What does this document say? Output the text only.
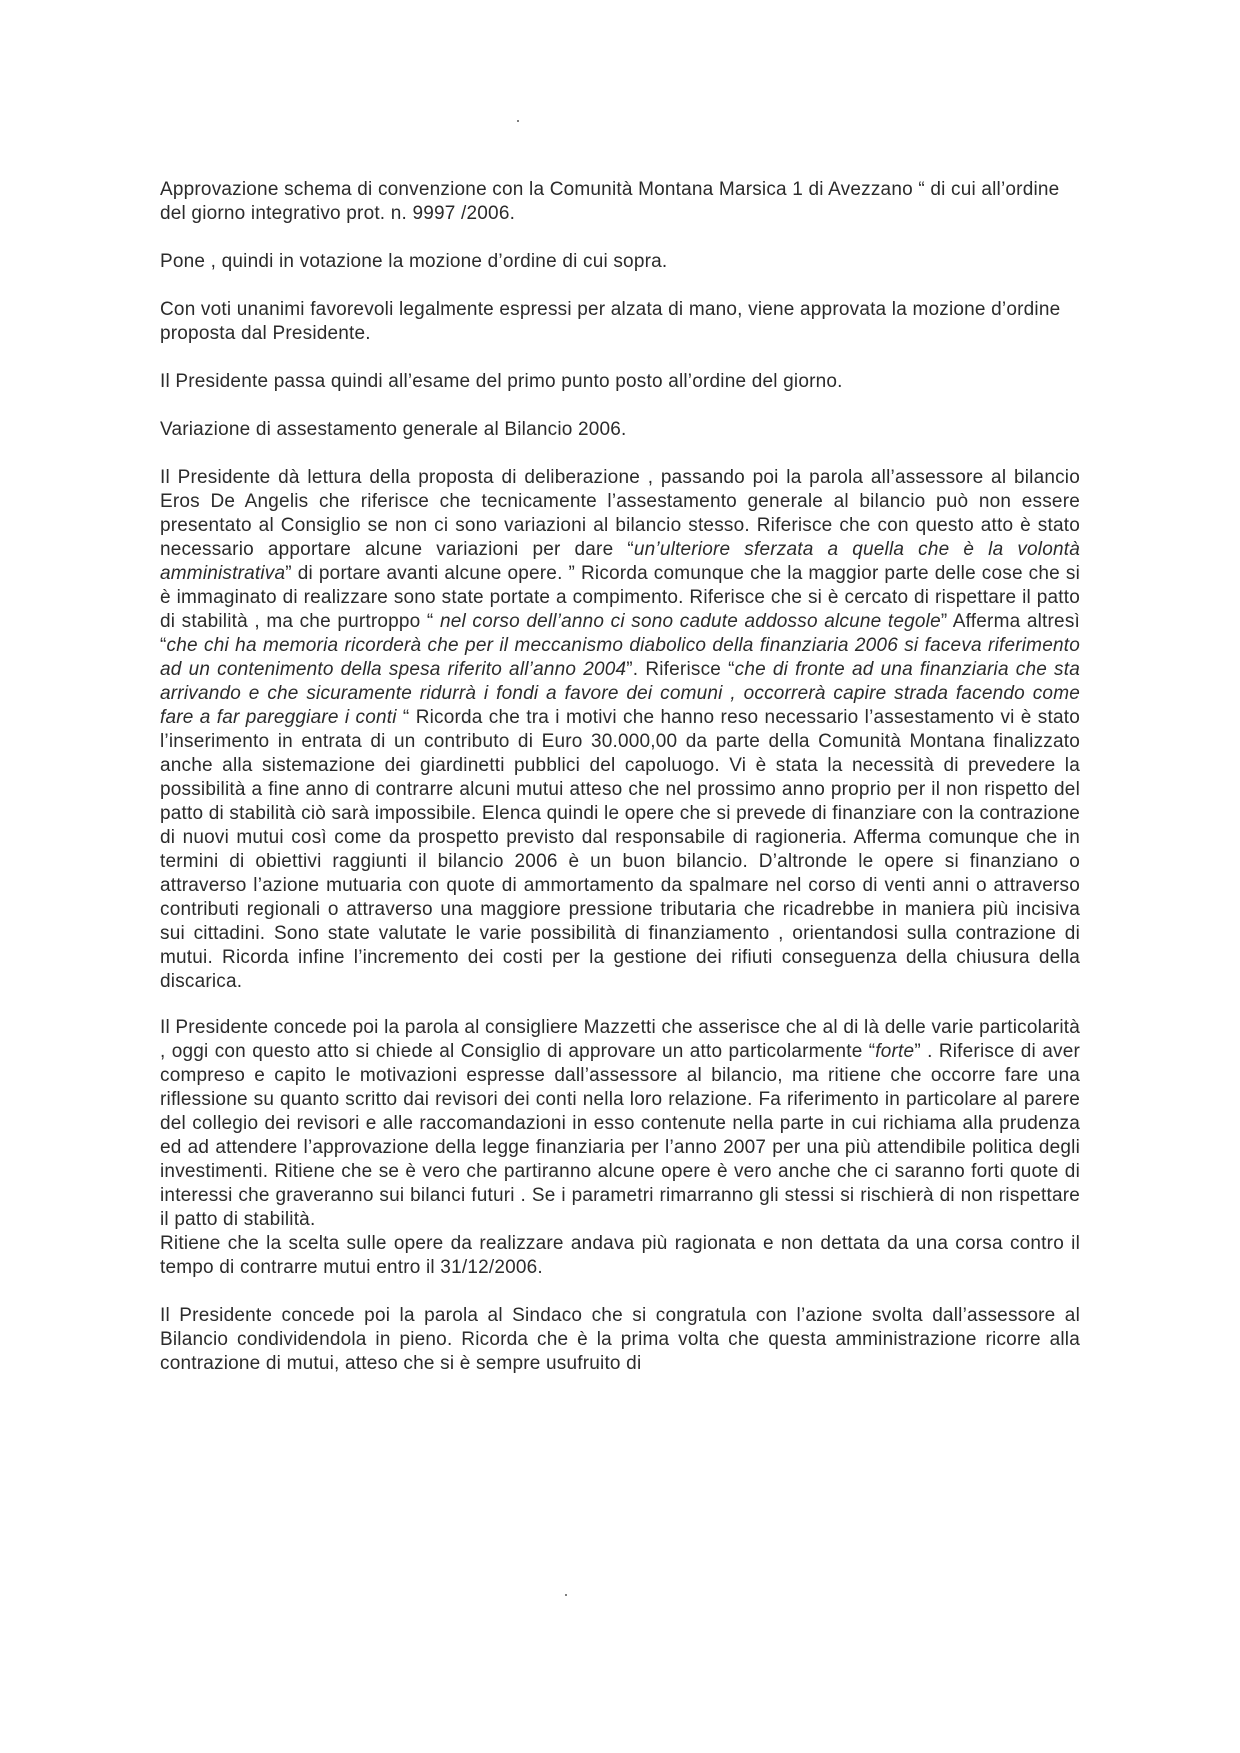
Approvazione schema di convenzione con la Comunità Montana Marsica 1 di Avezzano “ di cui all’ordine del giorno integrativo prot. n. 9997 /2006.

Pone , quindi in votazione la mozione d’ordine di cui sopra.

Con voti unanimi favorevoli legalmente espressi per alzata di mano, viene approvata la mozione d’ordine proposta dal Presidente.

Il Presidente passa quindi all’esame del primo punto posto all’ordine del giorno.

Variazione di assestamento generale al Bilancio 2006.

Il Presidente dà lettura della proposta di deliberazione , passando poi la parola all’assessore al bilancio Eros De Angelis che riferisce che tecnicamente l’assestamento generale al bilancio può non essere presentato al Consiglio se non ci sono variazioni al bilancio stesso. Riferisce che con questo atto è stato necessario apportare alcune variazioni per dare “un’ulteriore sferzata a quella che è la volontà amministrativa” di portare avanti alcune opere. ” Ricorda comunque che la maggior parte delle cose che si è immaginato di realizzare sono state portate a compimento. Riferisce che si è cercato di rispettare il patto di stabilità , ma che purtroppo “ nel corso dell’anno ci sono cadute addosso alcune tegole” Afferma altresì “che chi ha memoria ricorderà che per il meccanismo diabolico della finanziaria 2006 si faceva riferimento ad un contenimento della spesa riferito all’anno 2004”. Riferisce “che di fronte ad una finanziaria che sta arrivando e che sicuramente ridurrà i fondi a favore dei comuni , occorrerà capire strada facendo come fare a far pareggiare i conti “ Ricorda che tra i motivi che hanno reso necessario l’assestamento vi è stato l’inserimento in entrata di un contributo di Euro 30.000,00 da parte della Comunità Montana finalizzato anche alla sistemazione dei giardinetti pubblici del capoluogo. Vi è stata la necessità di prevedere la possibilità a fine anno di contrarre alcuni mutui atteso che nel prossimo anno proprio per il non rispetto del patto di stabilità ciò sarà impossibile. Elenca quindi le opere che si prevede di finanziare con la contrazione di nuovi mutui così come da prospetto previsto dal responsabile di ragioneria. Afferma comunque che in termini di obiettivi raggiunti il bilancio 2006 è un buon bilancio. D’altronde le opere si finanziano o attraverso l’azione mutuaria con quote di ammortamento da spalmare nel corso di venti anni o attraverso contributi regionali o attraverso una maggiore pressione tributaria che ricadrebbe in maniera più incisiva sui cittadini. Sono state valutate le varie possibilità di finanziamento , orientandosi sulla contrazione di mutui. Ricorda infine l’incremento dei costi per la gestione dei rifiuti conseguenza della chiusura della discarica.

Il Presidente concede poi la parola al consigliere Mazzetti che asserisce che al di là delle varie particolarità , oggi con questo atto si chiede al Consiglio di approvare un atto particolarmente “forte” . Riferisce di aver compreso e capito le motivazioni espresse dall’assessore al bilancio, ma ritiene che occorre fare una riflessione su quanto scritto dai revisori dei conti nella loro relazione. Fa riferimento in particolare al parere del collegio dei revisori e alle raccomandazioni in esso contenute nella parte in cui richiama alla prudenza ed ad attendere l’approvazione della legge finanziaria per l’anno 2007 per una più attendibile politica degli investimenti. Ritiene che se è vero che partiranno alcune opere è vero anche che ci saranno forti quote di interessi che graveranno sui bilanci futuri . Se i parametri rimarranno gli stessi si rischierà di non rispettare il patto di stabilità.
Ritiene che la scelta sulle opere da realizzare andava più ragionata e non dettata da una corsa contro il tempo di contrarre mutui entro il 31/12/2006.

Il Presidente concede poi la parola al Sindaco che si congratula con l’azione svolta dall’assessore al Bilancio condividendola in pieno. Ricorda che è la prima volta che questa amministrazione ricorre alla contrazione di mutui, atteso che si è sempre usufruito di
